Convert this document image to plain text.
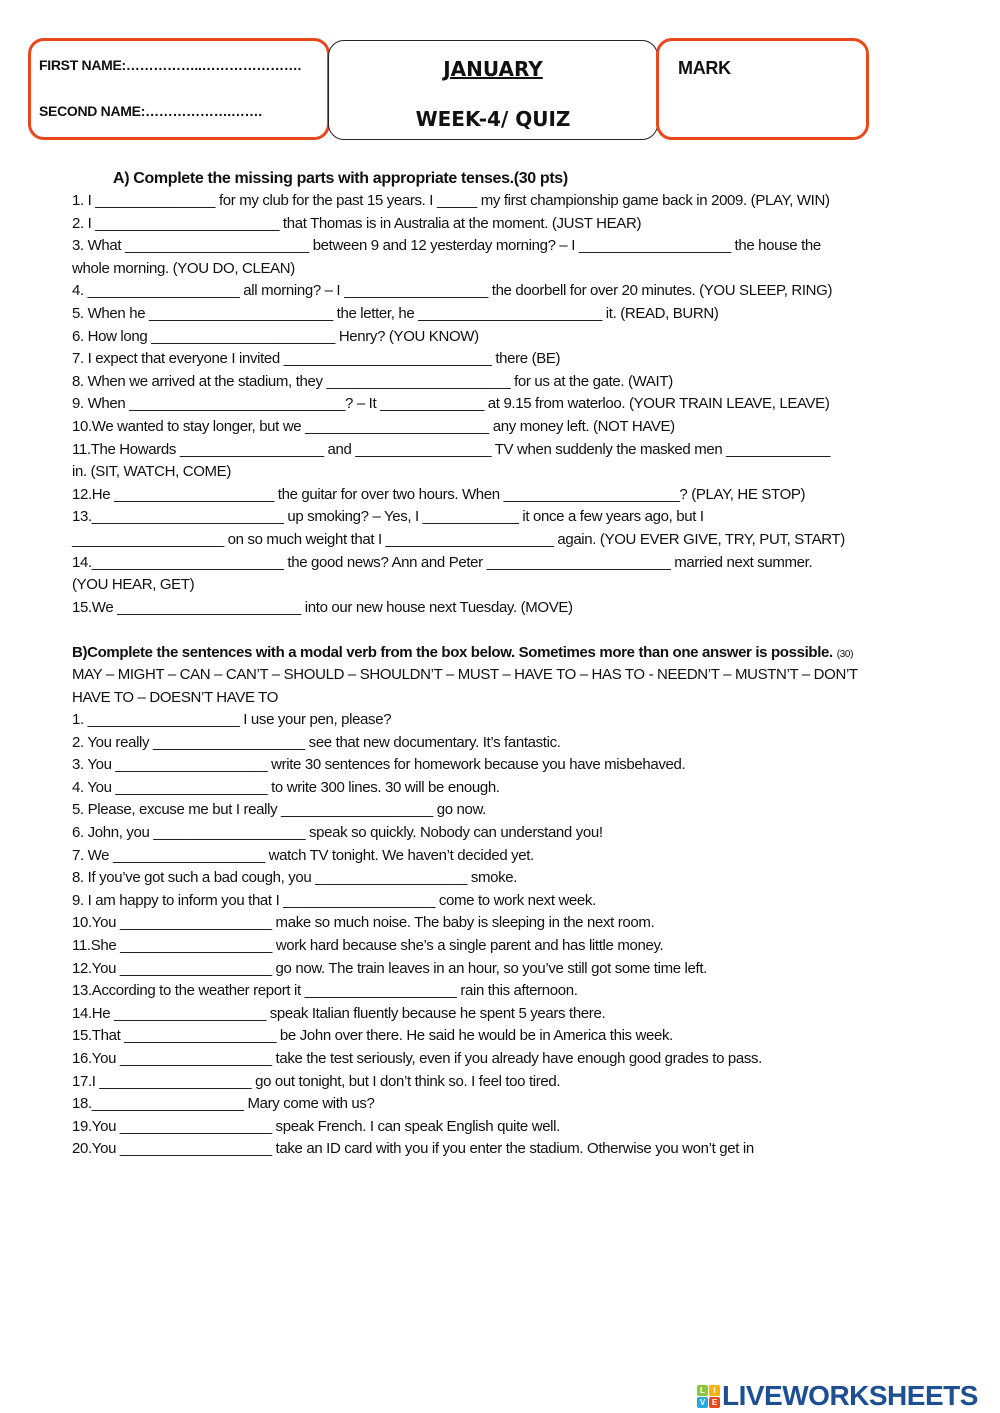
FIRST NAME:……………..………………….
SECOND NAME:……………….…….
JANUARY
WEEK-4/ QUIZ
MARK
A) Complete the missing parts with appropriate tenses.(30 pts)
1. I _______________ for my club for the past 15 years. I _____ my first championship game back in 2009. (PLAY, WIN)
2. I _______________________ that Thomas is in Australia at the moment. (JUST HEAR)
3. What _______________________ between 9 and 12 yesterday morning? – I ___________________ the house the
whole morning. (YOU DO, CLEAN)
4. ___________________ all morning? – I __________________ the doorbell for over 20 minutes. (YOU SLEEP, RING)
5. When he _______________________ the letter, he _______________________ it. (READ, BURN)
6. How long _______________________ Henry? (YOU KNOW)
7. I expect that everyone I invited __________________________ there (BE)
8. When we arrived at the stadium, they _______________________ for us at the gate. (WAIT)
9. When ___________________________? – It _____________ at 9.15 from waterloo. (YOUR TRAIN LEAVE, LEAVE)
10.We wanted to stay longer, but we _______________________ any money left. (NOT HAVE)
11.The Howards __________________ and _________________ TV when suddenly the masked men _____________
in. (SIT, WATCH, COME)
12.He ____________________ the guitar for over two hours. When ______________________? (PLAY, HE STOP)
13.________________________ up smoking? – Yes, I ____________ it once a few years ago, but I
___________________ on so much weight that I _____________________ again. (YOU EVER GIVE, TRY, PUT, START)
14.________________________ the good news? Ann and Peter _______________________ married next summer.
(YOU HEAR, GET)
15.We _______________________ into our new house next Tuesday. (MOVE)
B)Complete the sentences with a modal verb from the box below. Sometimes more than one answer is possible. (30)
MAY – MIGHT – CAN – CAN’T – SHOULD – SHOULDN’T – MUST – HAVE TO – HAS TO - NEEDN’T – MUSTN’T – DON’T
HAVE TO – DOESN’T HAVE TO
1. ___________________ I use your pen, please?
2. You really ___________________ see that new documentary. It’s fantastic.
3. You ___________________ write 30 sentences for homework because you have misbehaved.
4. You ___________________ to write 300 lines. 30 will be enough.
5. Please, excuse me but I really ___________________ go now.
6. John, you ___________________ speak so quickly. Nobody can understand you!
7. We ___________________ watch TV tonight. We haven’t decided yet.
8. If you’ve got such a bad cough, you ___________________ smoke.
9. I am happy to inform you that I ___________________ come to work next week.
10.You ___________________ make so much noise. The baby is sleeping in the next room.
11.She ___________________ work hard because she’s a single parent and has little money.
12.You ___________________ go now. The train leaves in an hour, so you’ve still got some time left.
13.According to the weather report it ___________________ rain this afternoon.
14.He ___________________ speak Italian fluently because he spent 5 years there.
15.That ___________________ be John over there. He said he would be in America this week.
16.You ___________________ take the test seriously, even if you already have enough good grades to pass.
17.I ___________________ go out tonight, but I don’t think so. I feel too tired.
18.___________________ Mary come with us?
19.You ___________________ speak French. I can speak English quite well.
20.You ___________________ take an ID card with you if you enter the stadium. Otherwise you won’t get in
L	I
V E LIVEWORKSHEETS
